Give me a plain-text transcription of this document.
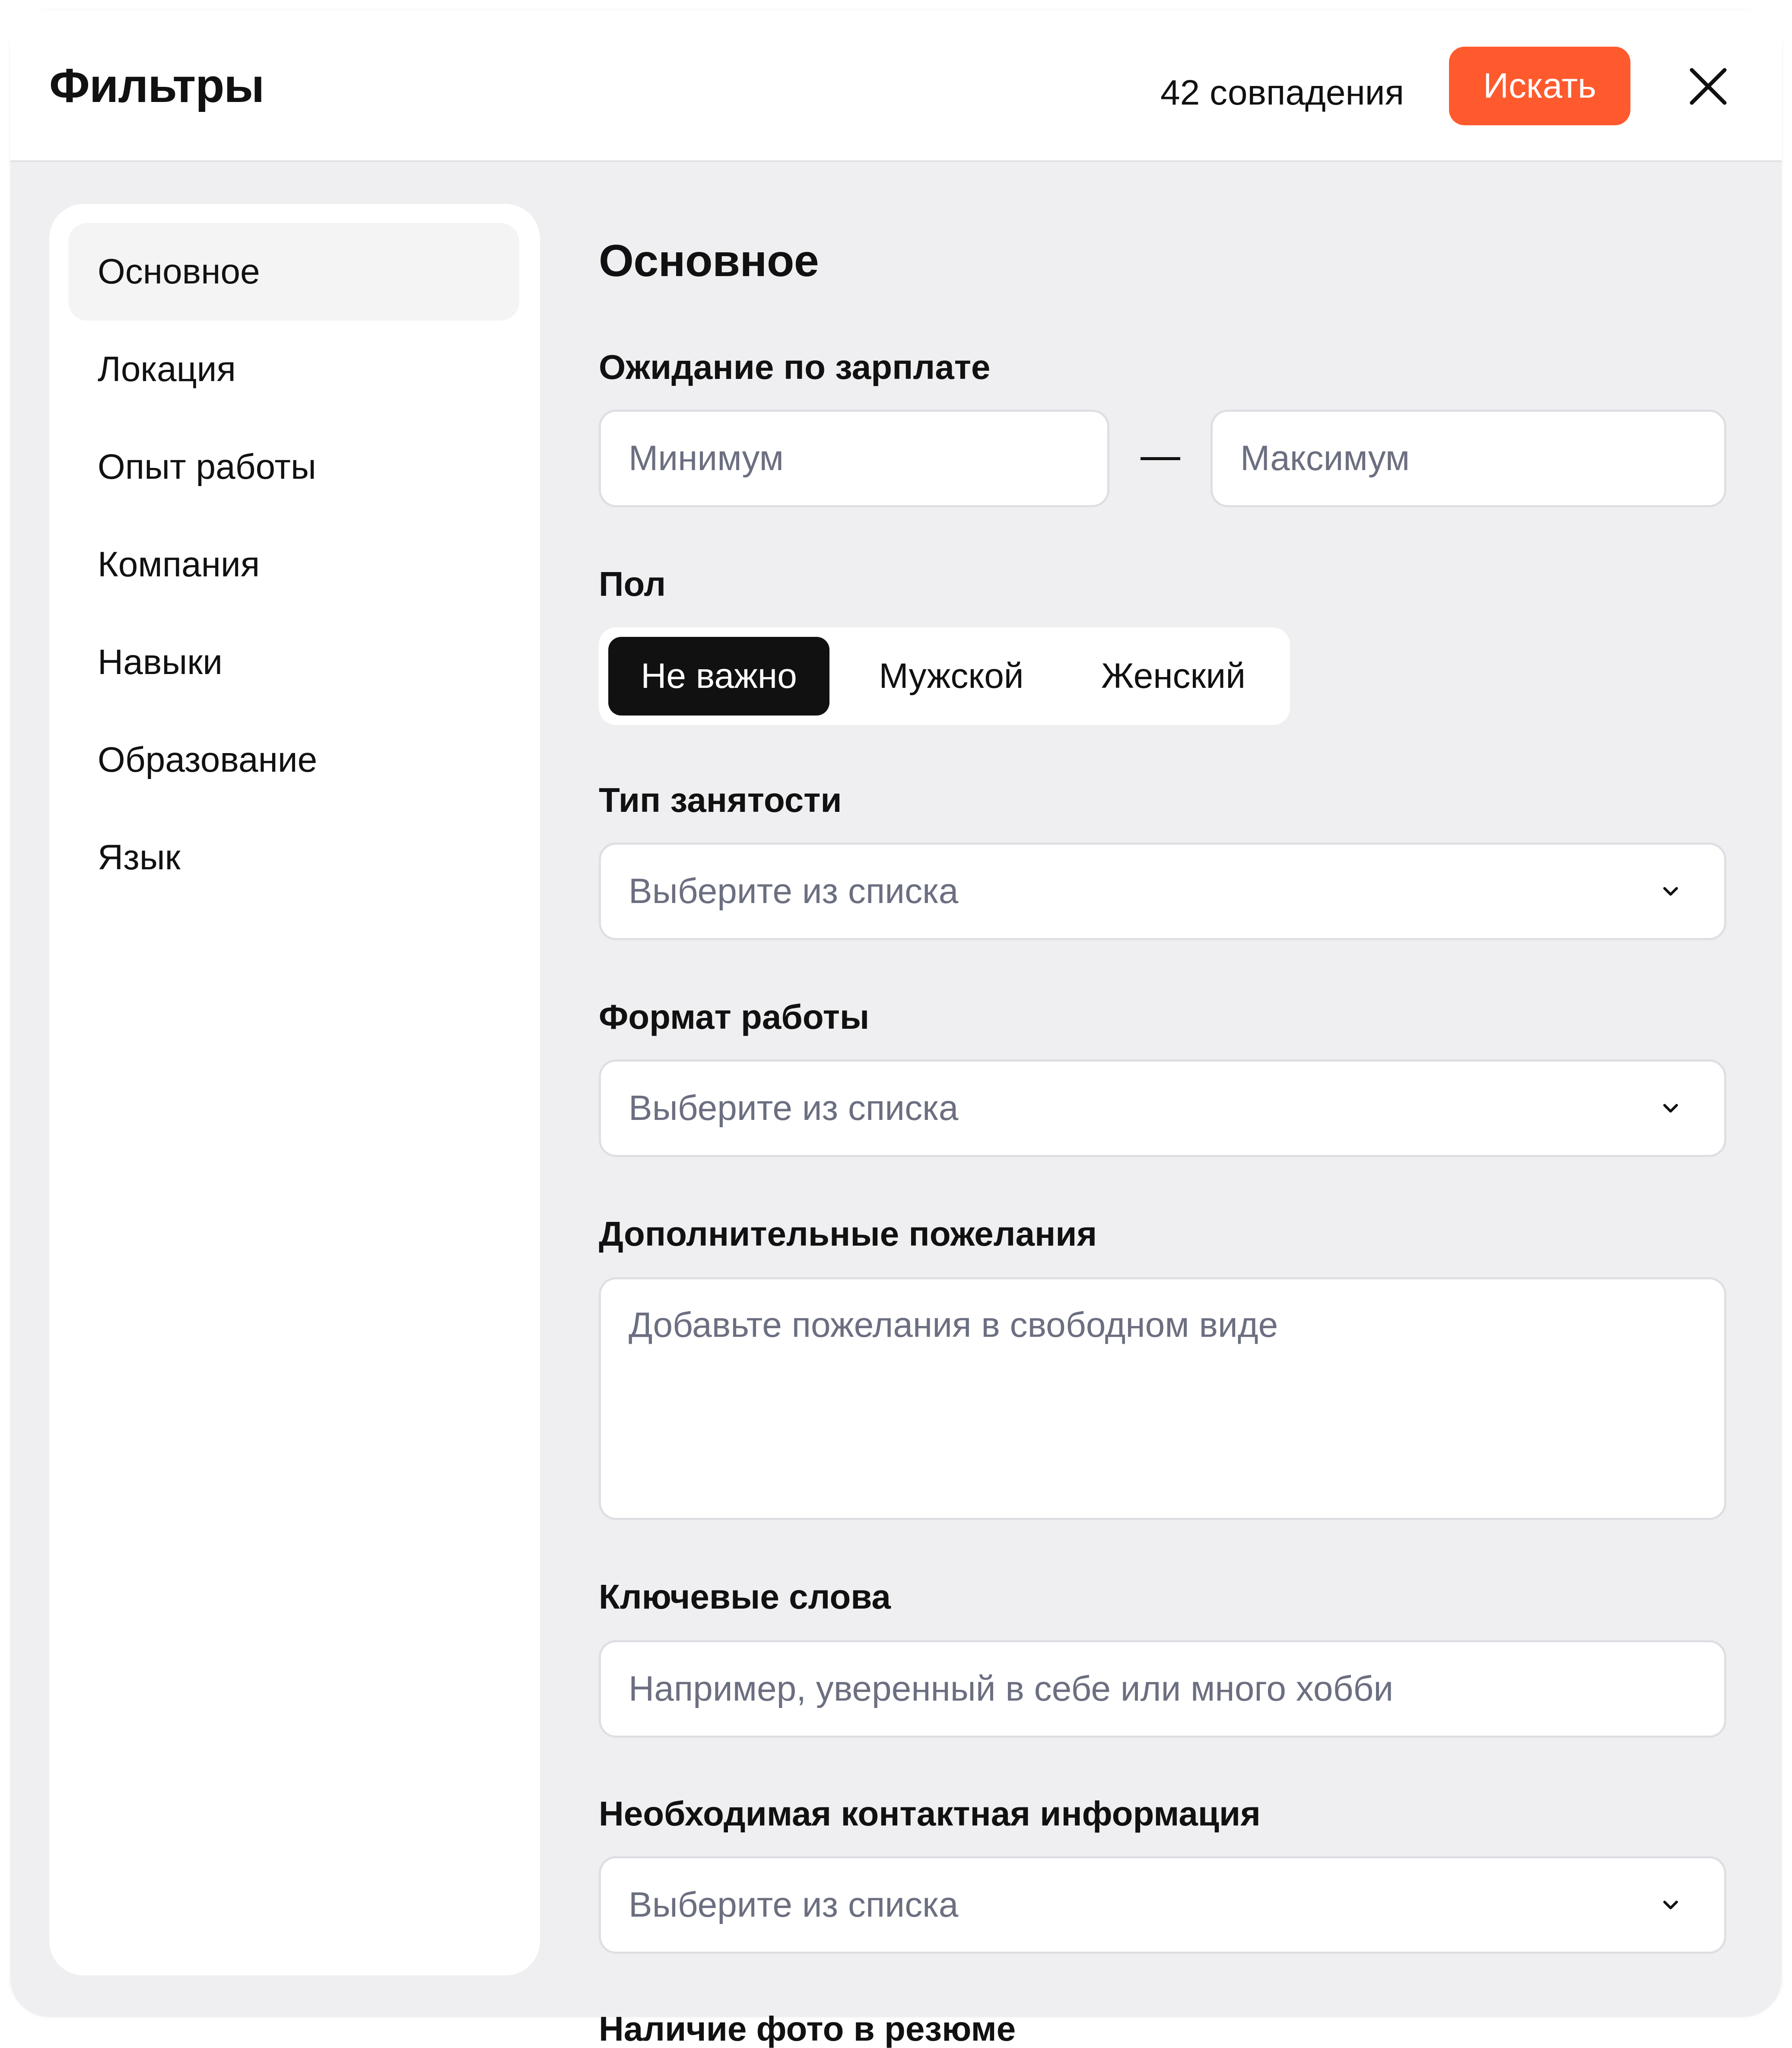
Фильтры	42 совпадения	Искать
Основное
Локация
Опыт работы
Компания
Навыки
Образование
Язык
Основное
Ожидание по зарплате
Минимум
Максимум
Пол
Не важно	Мужской	Женский
Тип занятости
Выберите из списка
Формат работы
Выберите из списка
Дополнительные пожелания
Добавьте пожелания в свободном виде
Ключевые слова
Например, уверенный в себе или много хобби
Необходимая контактная информация
Выберите из списка
Наличие фото в резюме
